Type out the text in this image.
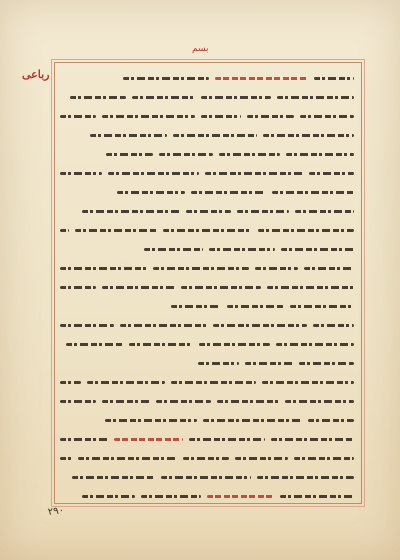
بسم
رباعی
٢٩٠
